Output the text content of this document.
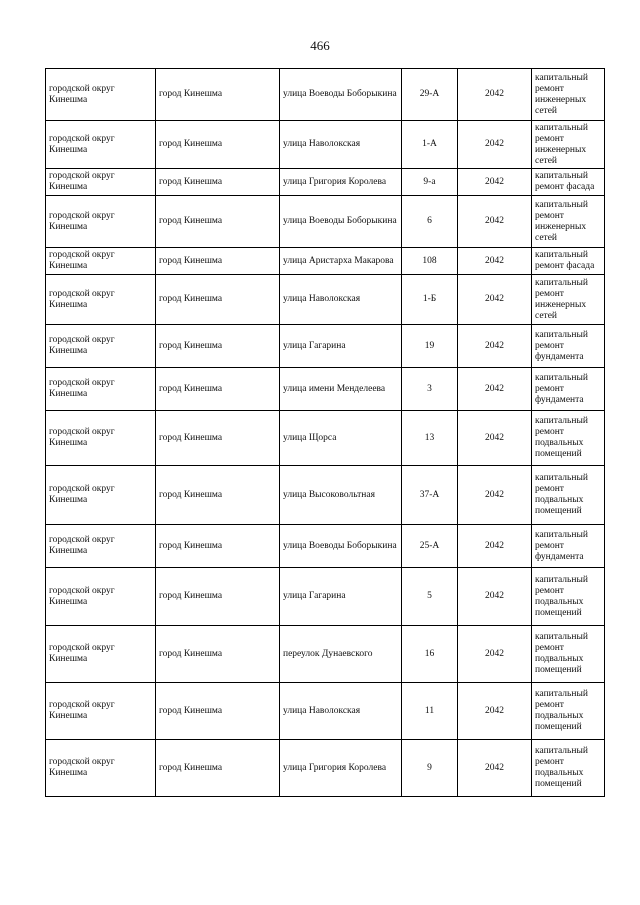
466
городской округ Кинешма	город Кинешма	улица Воеводы Боборыкина	29-А	2042	капитальный ремонт инженерных сетей
городской округ Кинешма	город Кинешма	улица Наволокская	1-А	2042	капитальный ремонт инженерных сетей
городской округ Кинешма	город Кинешма	улица Григория Королева	9-а	2042	капитальный ремонт фасада
городской округ Кинешма	город Кинешма	улица Воеводы Боборыкина	6	2042	капитальный ремонт инженерных сетей
городской округ Кинешма	город Кинешма	улица Аристарха Макарова	108	2042	капитальный ремонт фасада
городской округ Кинешма	город Кинешма	улица Наволокская	1-Б	2042	капитальный ремонт инженерных сетей
городской округ Кинешма	город Кинешма	улица Гагарина	19	2042	капитальный ремонт фундамента
городской округ Кинешма	город Кинешма	улица имени Менделеева	3	2042	капитальный ремонт фундамента
городской округ Кинешма	город Кинешма	улица Щорса	13	2042	капитальный ремонт подвальных помещений
городской округ Кинешма	город Кинешма	улица Высоковольтная	37-А	2042	капитальный ремонт подвальных помещений
городской округ Кинешма	город Кинешма	улица Воеводы Боборыкина	25-А	2042	капитальный ремонт фундамента
городской округ Кинешма	город Кинешма	улица Гагарина	5	2042	капитальный ремонт подвальных помещений
городской округ Кинешма	город Кинешма	переулок Дунаевского	16	2042	капитальный ремонт подвальных помещений
городской округ Кинешма	город Кинешма	улица Наволокская	11	2042	капитальный ремонт подвальных помещений
городской округ Кинешма	город Кинешма	улица Григория Королева	9	2042	капитальный ремонт подвальных помещений
